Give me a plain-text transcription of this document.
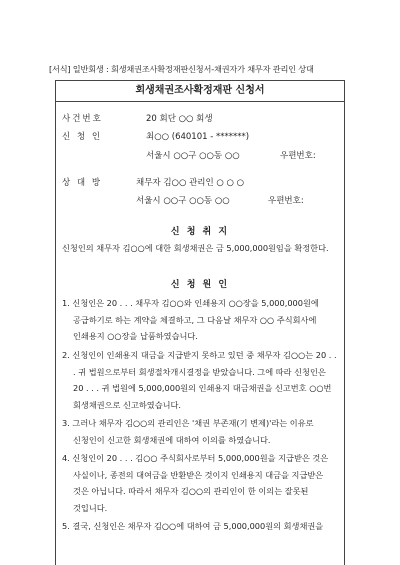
[서식] 일반회생 : 회생채권조사확정재판신청서-채권자가 채무자 관리인 상대
회생채권조사확정재판 신청서
사건번호	20 회단 ○○ 회생
신 청 인	최○○ (640101 - *******)
서울시 ○○구 ○○동 ○○	우편번호:
상 대 방	채무자 김○○ 관리인 ○ ○ ○
서울시 ○○구 ○○동 ○○	우편번호:
신 청 취 지
신청인의 채무자 김○○에 대한 회생채권은 금 5,000,000원임을 확정한다.
신 청 원 인
1. 신청인은 20 . . . 채무자 김○○와 인쇄용지 ○○장을 5,000,000원에 공급하기로 하는 계약을 체결하고, 그 다음날 채무자 ○○ 주식회사에 인쇄용지 ○○장을 납품하였습니다.
2. 신청인이 인쇄용지 대금을 지급받지 못하고 있던 중 채무자 김○○는 20 . . . 귀 법원으로부터 회생절차개시결정을 받았습니다. 그에 따라 신청인은 20 . . . 귀 법원에 5,000,000원의 인쇄용지 대금채권을 신고번호 ○○번 회생채권으로 신고하였습니다.
3. 그러나 채무자 김○○의 관리인은 '채권 부존재(기 변제)'라는 이유로 신청인이 신고한 회생채권에 대하여 이의를 하였습니다.
4. 신청인이 20 . . . 김○○ 주식회사로부터 5,000,000원을 지급받은 것은 사실이나, 종전의 대여금을 반환받은 것이지 인쇄용지 대금을 지급받은 것은 아닙니다. 따라서 채무자 김○○의 관리인이 한 이의는 잘못된 것입니다.
5. 결국, 신청인은 채무자 김○○에 대하여 금 5,000,000원의 회생채권을
